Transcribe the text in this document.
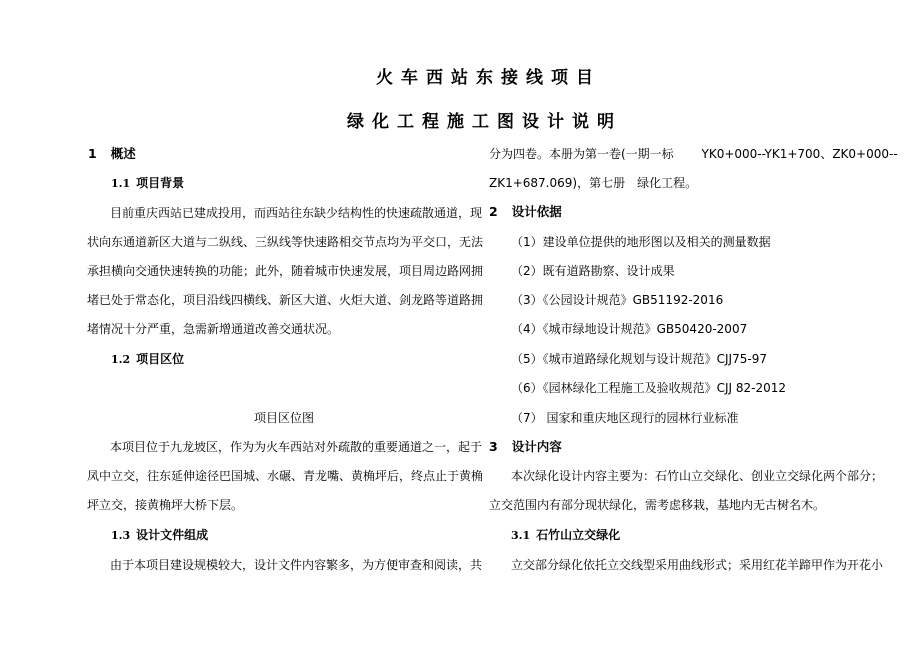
火车西站东接线项目
绿化工程施工图设计说明
1 概述
1.1 项目背景
目前重庆西站已建成投用，而西站往东缺少结构性的快速疏散通道，现
状向东通道新区大道与二纵线、三纵线等快速路相交节点均为平交口，无法
承担横向交通快速转换的功能；此外，随着城市快速发展，项目周边路网拥
堵已处于常态化，项目沿线四横线、新区大道、火炬大道、剑龙路等道路拥
堵情况十分严重，急需新增通道改善交通状况。
1.2 项目区位
项目区位图
本项目位于九龙坡区，作为为火车西站对外疏散的重要通道之一，起于
凤中立交，往东延伸途径巴国城、水碾、青龙嘴、黄桷坪后，终点止于黄桷
坪立交，接黄桷坪大桥下层。
1.3 设计文件组成
由于本项目建设规模较大，设计文件内容繁多，为方便审查和阅读，共
分为四卷。本册为第一卷(一期一标　　 YK0+000--YK1+700、ZK0+000--
ZK1+687.069)，第七册　绿化工程。
2 设计依据
（1）建设单位提供的地形图以及相关的测量数据
（2）既有道路勘察、设计成果
（3）《公园设计规范》GB51192-2016
（4）《城市绿地设计规范》GB50420-2007
（5）《城市道路绿化规划与设计规范》CJJ75-97
（6）《园林绿化工程施工及验收规范》CJJ 82-2012
（7） 国家和重庆地区现行的园林行业标准
3 设计内容
本次绿化设计内容主要为：石竹山立交绿化、创业立交绿化两个部分；
立交范围内有部分现状绿化，需考虑移栽，基地内无古树名木。
3.1 石竹山立交绿化
立交部分绿化依托立交线型采用曲线形式；采用红花羊蹄甲作为开花小
